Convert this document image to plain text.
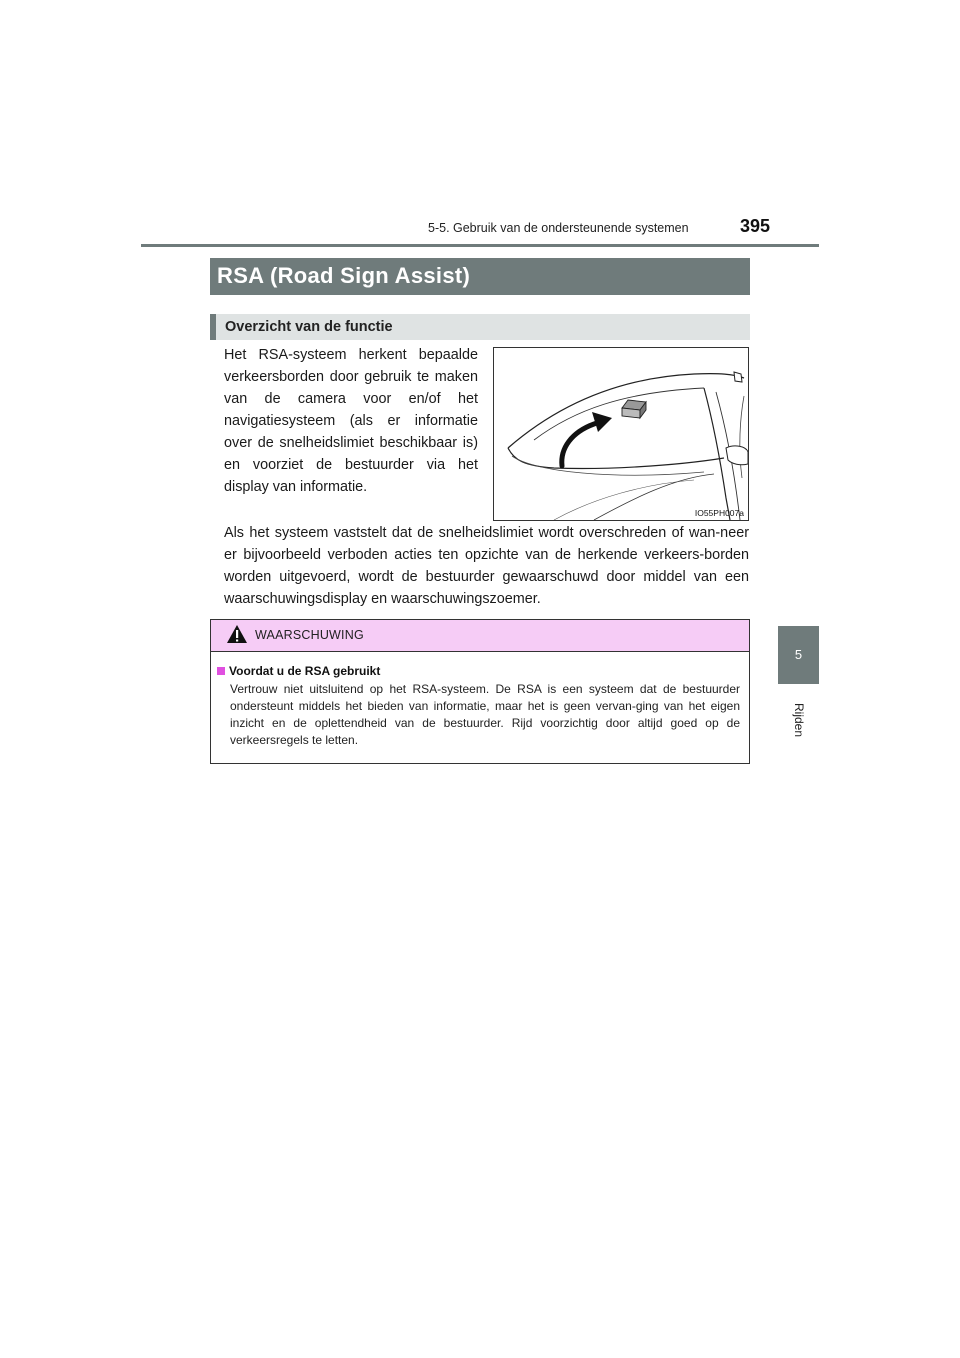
5-5. Gebruik van de ondersteunende systemen	395
5
Rijden
RSA (Road Sign Assist)
Overzicht van de functie

Het RSA-systeem herkent bepaalde verkeersborden door gebruik te maken van de camera voor en/of het navigatiesysteem (als er informatie over de snelheidslimiet beschikbaar is) en voorziet de bestuurder via het display van informatie.

IO55PH007a

Als het systeem vaststelt dat de snelheidslimiet wordt overschreden of wan-neer er bijvoorbeeld verboden acties ten opzichte van de herkende verkeers-borden worden uitgevoerd, wordt de bestuurder gewaarschuwd door middel van een waarschuwingsdisplay en waarschuwingszoemer.

WAARSCHUWING
Voordat u de RSA gebruikt

Vertrouw niet uitsluitend op het RSA-systeem. De RSA is een systeem dat de bestuurder ondersteunt middels het bieden van informatie, maar het is geen vervan-ging van het eigen inzicht en de oplettendheid van de bestuurder. Rijd voorzichtig door altijd goed op de verkeersregels te letten.
